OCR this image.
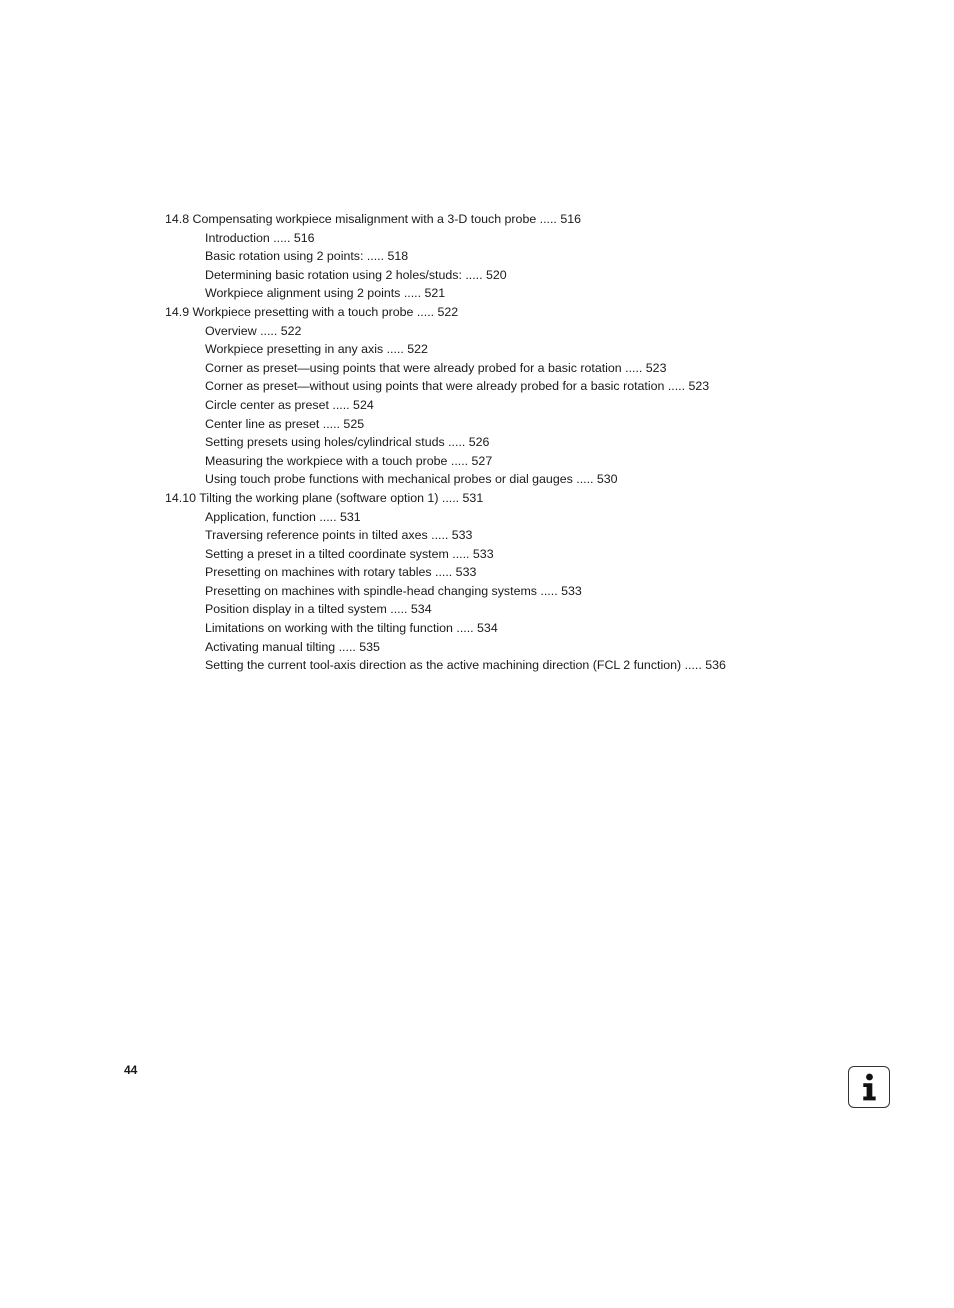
14.8 Compensating workpiece misalignment with a 3-D touch probe ..... 516
Introduction ..... 516
Basic rotation using 2 points: ..... 518
Determining basic rotation using 2 holes/studs: ..... 520
Workpiece alignment using 2 points ..... 521
14.9 Workpiece presetting with a touch probe ..... 522
Overview ..... 522
Workpiece presetting in any axis ..... 522
Corner as preset—using points that were already probed for a basic rotation ..... 523
Corner as preset—without using points that were already probed for a basic rotation ..... 523
Circle center as preset ..... 524
Center line as preset ..... 525
Setting presets using holes/cylindrical studs ..... 526
Measuring the workpiece with a touch probe ..... 527
Using touch probe functions with mechanical probes or dial gauges ..... 530
14.10 Tilting the working plane (software option 1) ..... 531
Application, function ..... 531
Traversing reference points in tilted axes ..... 533
Setting a preset in a tilted coordinate system ..... 533
Presetting on machines with rotary tables ..... 533
Presetting on machines with spindle-head changing systems ..... 533
Position display in a tilted system ..... 534
Limitations on working with the tilting function ..... 534
Activating manual tilting ..... 535
Setting the current tool-axis direction as the active machining direction (FCL 2 function) ..... 536
44
